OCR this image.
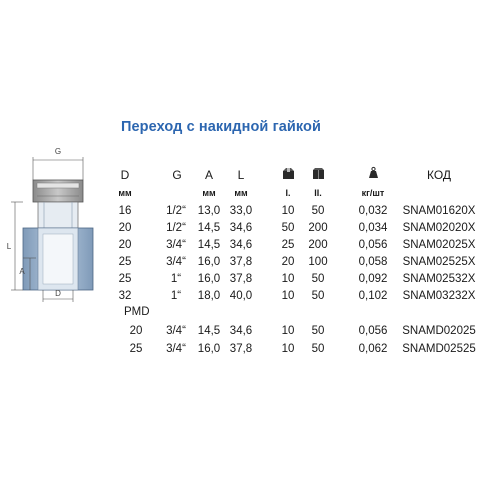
G
L
A
D
Переход с накидной гайкой
D	G A L	КОД
мм	мм мм	I.	II.	кг/шт
16	1/2“ 13,0 33,0	10 50	0,032 SNAM01620X
20	1/2“ 14,5 34,6	50 200	0,034 SNAM02020X
20	3/4“ 14,5 34,6	25 200	0,056 SNAM02025X
25	3/4“ 16,0 37,8	20 100	0,058 SNAM02525X
25	1“ 16,0 37,8	10 50	0,092 SNAM02532X
32	1“ 18,0 40,0	10 50	0,102 SNAM03232X
PMD
20 3/4“ 14,5 34,6	10 50	0,056 SNAMD02025
25 3/4“ 16,0 37,8	10 50	0,062 SNAMD02525
